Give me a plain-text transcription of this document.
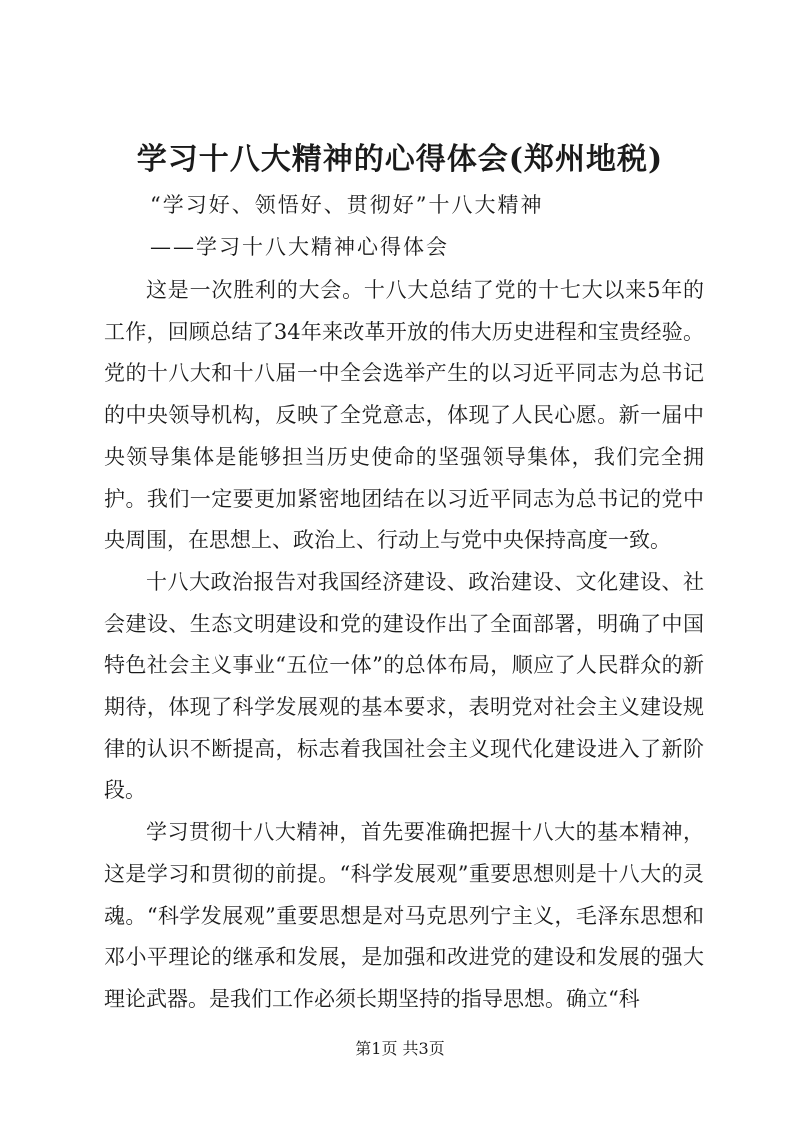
学习十八大精神的心得体会(郑州地税)
“学习好、领悟好、贯彻好”十八大精神
——学习十八大精神心得体会

这是一次胜利的大会。十八大总结了党的十七大以来5年的工作，回顾总结了34年来改革开放的伟大历史进程和宝贵经验。党的十八大和十八届一中全会选举产生的以习近平同志为总书记的中央领导机构，反映了全党意志，体现了人民心愿。新一届中央领导集体是能够担当历史使命的坚强领导集体，我们完全拥护。我们一定要更加紧密地团结在以习近平同志为总书记的党中央周围，在思想上、政治上、行动上与党中央保持高度一致。

十八大政治报告对我国经济建设、政治建设、文化建设、社会建设、生态文明建设和党的建设作出了全面部署，明确了中国特色社会主义事业“五位一体”的总体布局，顺应了人民群众的新期待，体现了科学发展观的基本要求，表明党对社会主义建设规律的认识不断提高，标志着我国社会主义现代化建设进入了新阶段。

学习贯彻十八大精神，首先要准确把握十八大的基本精神，这是学习和贯彻的前提。“科学发展观”重要思想则是十八大的灵魂。“科学发展观”重要思想是对马克思列宁主义，毛泽东思想和邓小平理论的继承和发展，是加强和改进党的建设和发展的强大理论武器。是我们工作必须长期坚持的指导思想。确立“科

第1页 共3页
